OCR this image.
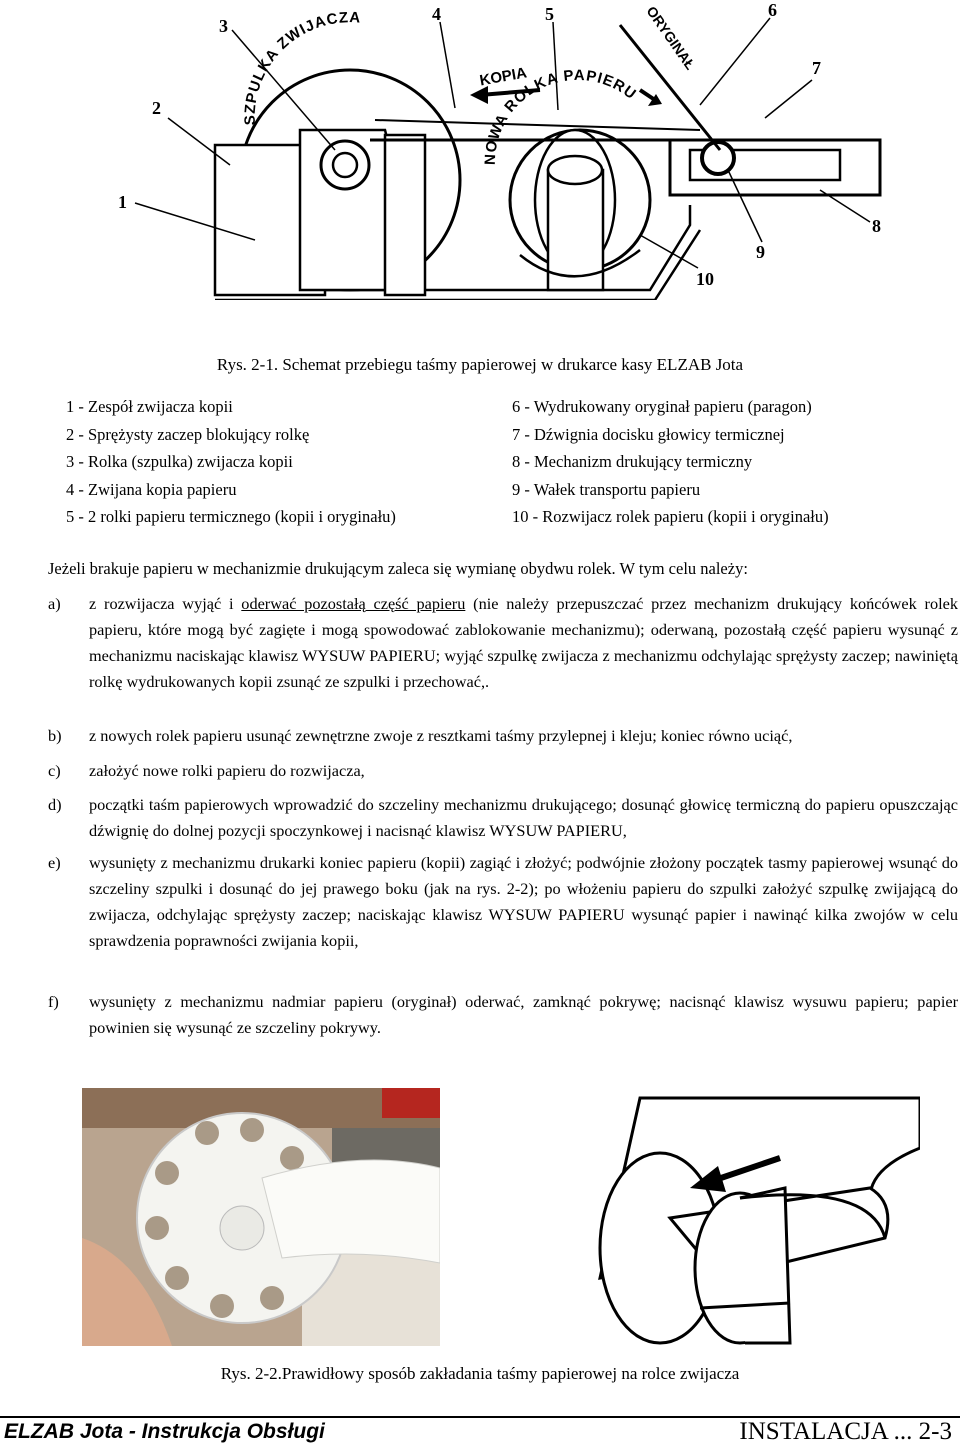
SZPULKA ZWIJACZA
NOWA ROLKA PAPIERU
KOPIA
ORYGINAŁ
1
2
3
4	5	6
7
8
9
10
Rys. 2-1. Schemat przebiegu taśmy papierowej w drukarce kasy ELZAB Jota
1 - Zespół zwijacza kopii
2 - Sprężysty zaczep blokujący rolkę
3 - Rolka (szpulka) zwijacza kopii
4 - Zwijana kopia papieru
5 - 2 rolki papieru termicznego (kopii i oryginału)
6 - Wydrukowany oryginał papieru (paragon)
7 - Dźwignia docisku głowicy termicznej
8 - Mechanizm drukujący termiczny
9 - Wałek transportu papieru
10 - Rozwijacz rolek papieru (kopii i oryginału)
Jeżeli brakuje papieru w mechanizmie drukującym zaleca się wymianę obydwu rolek. W tym celu należy:
a)	z rozwijacza wyjąć i oderwać pozostałą część papieru (nie należy przepuszczać przez mechanizm drukujący końcówek rolek papieru, które mogą być zagięte i mogą spowodować zablokowanie mechanizmu); oderwaną, pozostałą część papieru wysunąć z mechanizmu naciskając klawisz WYSUW PAPIERU; wyjąć szpulkę zwijacza z mechanizmu odchylając sprężysty zaczep; nawiniętą rolkę wydrukowanych kopii zsunąć ze szpulki i przechować,.
b)	z nowych rolek papieru usunąć zewnętrzne zwoje z resztkami taśmy przylepnej i kleju; koniec równo uciąć,
c)	założyć nowe rolki papieru do rozwijacza,
d)	początki taśm papierowych wprowadzić do szczeliny mechanizmu drukującego; dosunąć głowicę termiczną do papieru opuszczając dźwignię do dolnej pozycji spoczynkowej i nacisnąć klawisz WYSUW PAPIERU,
e)	wysunięty z mechanizmu drukarki koniec papieru (kopii) zagiąć i złożyć; podwójnie złożony początek tasmy papierowej wsunąć do szczeliny szpulki i dosunąć do jej prawego boku (jak na rys. 2-2); po włożeniu papieru do szpulki założyć szpulkę zwijającą do zwijacza, odchylając sprężysty zaczep; naciskając klawisz WYSUW PAPIERU wysunąć papier i nawinąć kilka zwojów w celu sprawdzenia poprawności zwijania kopii,
f)	wysunięty z mechanizmu nadmiar papieru (oryginał) oderwać, zamknąć pokrywę; nacisnąć klawisz wysuwu papieru; papier powinien się wysunąć ze szczeliny pokrywy.
Rys. 2-2.Prawidłowy sposób zakładania taśmy papierowej na rolce zwijacza
ELZAB Jota - Instrukcja Obsługi	INSTALACJA ... 2-3
